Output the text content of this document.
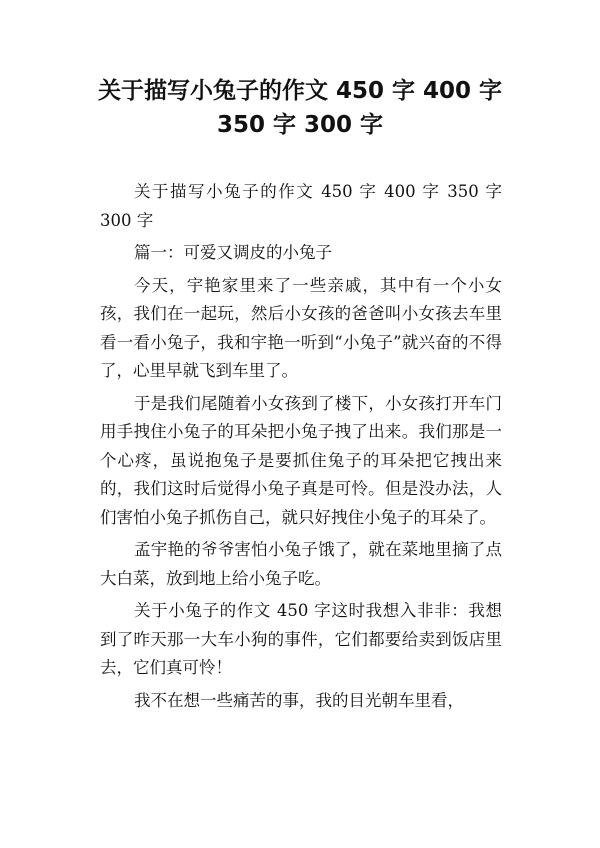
关于描写小兔子的作文 450 字 400 字
350 字 300 字

关于描写小兔子的作文 450 字 400 字 350 字 300 字

篇一：可爱又调皮的小兔子

今天，宇艳家里来了一些亲戚，其中有一个小女孩，我们在一起玩，然后小女孩的爸爸叫小女孩去车里看一看小兔子，我和宇艳一听到“小兔子”就兴奋的不得了，心里早就飞到车里了。

于是我们尾随着小女孩到了楼下，小女孩打开车门用手拽住小兔子的耳朵把小兔子拽了出来。我们那是一个心疼，虽说抱兔子是要抓住兔子的耳朵把它拽出来的，我们这时后觉得小兔子真是可怜。但是没办法，人们害怕小兔子抓伤自己，就只好拽住小兔子的耳朵了。

孟宇艳的爷爷害怕小兔子饿了，就在菜地里摘了点大白菜，放到地上给小兔子吃。

关于小兔子的作文 450 字这时我想入非非：我想到了昨天那一大车小狗的事件，它们都要给卖到饭店里去，它们真可怜！

我不在想一些痛苦的事，我的目光朝车里看，
